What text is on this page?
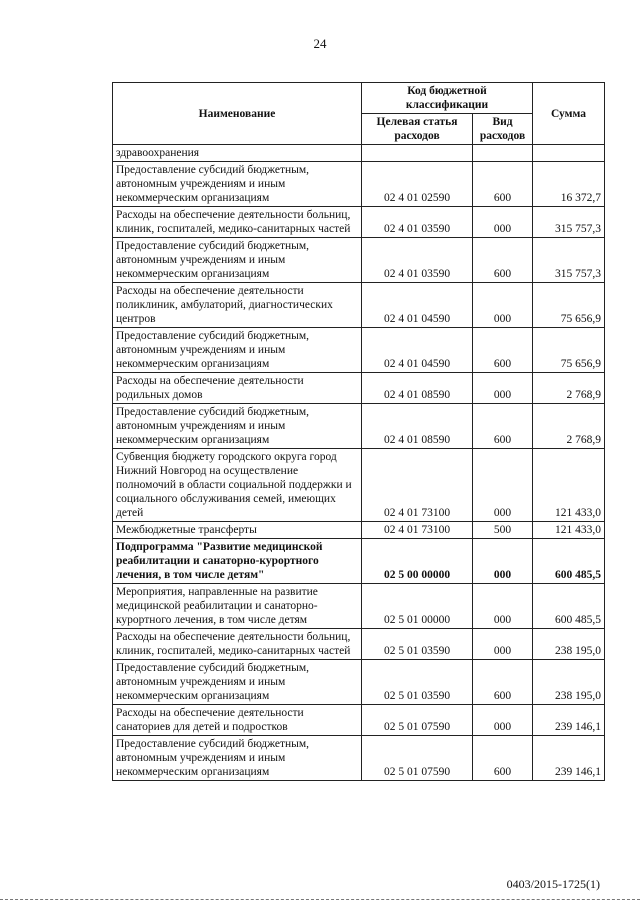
24
Наименование	Код бюджетной классификации		Сумма
	Целевая статья расходов	Вид расходов	
здравоохранения			
Предоставление субсидий бюджетным, автономным учреждениям и иным некоммерческим организациям	02 4 01 02590	600	16 372,7
Расходы на обеспечение деятельности больниц, клиник, госпиталей, медико-санитарных частей	02 4 01 03590	000	315 757,3
Предоставление субсидий бюджетным, автономным учреждениям и иным некоммерческим организациям	02 4 01 03590	600	315 757,3
Расходы на обеспечение деятельности поликлиник, амбулаторий, диагностических центров	02 4 01 04590	000	75 656,9
Предоставление субсидий бюджетным, автономным учреждениям и иным некоммерческим организациям	02 4 01 04590	600	75 656,9
Расходы на обеспечение деятельности родильных домов	02 4 01 08590	000	2 768,9
Предоставление субсидий бюджетным, автономным учреждениям и иным некоммерческим организациям	02 4 01 08590	600	2 768,9
Субвенция бюджету городского округа город Нижний Новгород на осуществление полномочий в области социальной поддержки и социального обслуживания семей, имеющих детей	02 4 01 73100	000	121 433,0
Межбюджетные трансферты	02 4 01 73100	500	121 433,0
Подпрограмма "Развитие медицинской реабилитации и санаторно-курортного лечения, в том числе детям"	02 5 00 00000	000	600 485,5
Мероприятия, направленные на развитие медицинской реабилитации и санаторно-курортного лечения, в том числе детям	02 5 01 00000	000	600 485,5
Расходы на обеспечение деятельности больниц, клиник, госпиталей, медико-санитарных частей	02 5 01 03590	000	238 195,0
Предоставление субсидий бюджетным, автономным учреждениям и иным некоммерческим организациям	02 5 01 03590	600	238 195,0
Расходы на обеспечение деятельности санаториев для детей и подростков	02 5 01 07590	000	239 146,1
Предоставление субсидий бюджетным, автономным учреждениям и иным некоммерческим организациям	02 5 01 07590	600	239 146,1
0403/2015-1725(1)
